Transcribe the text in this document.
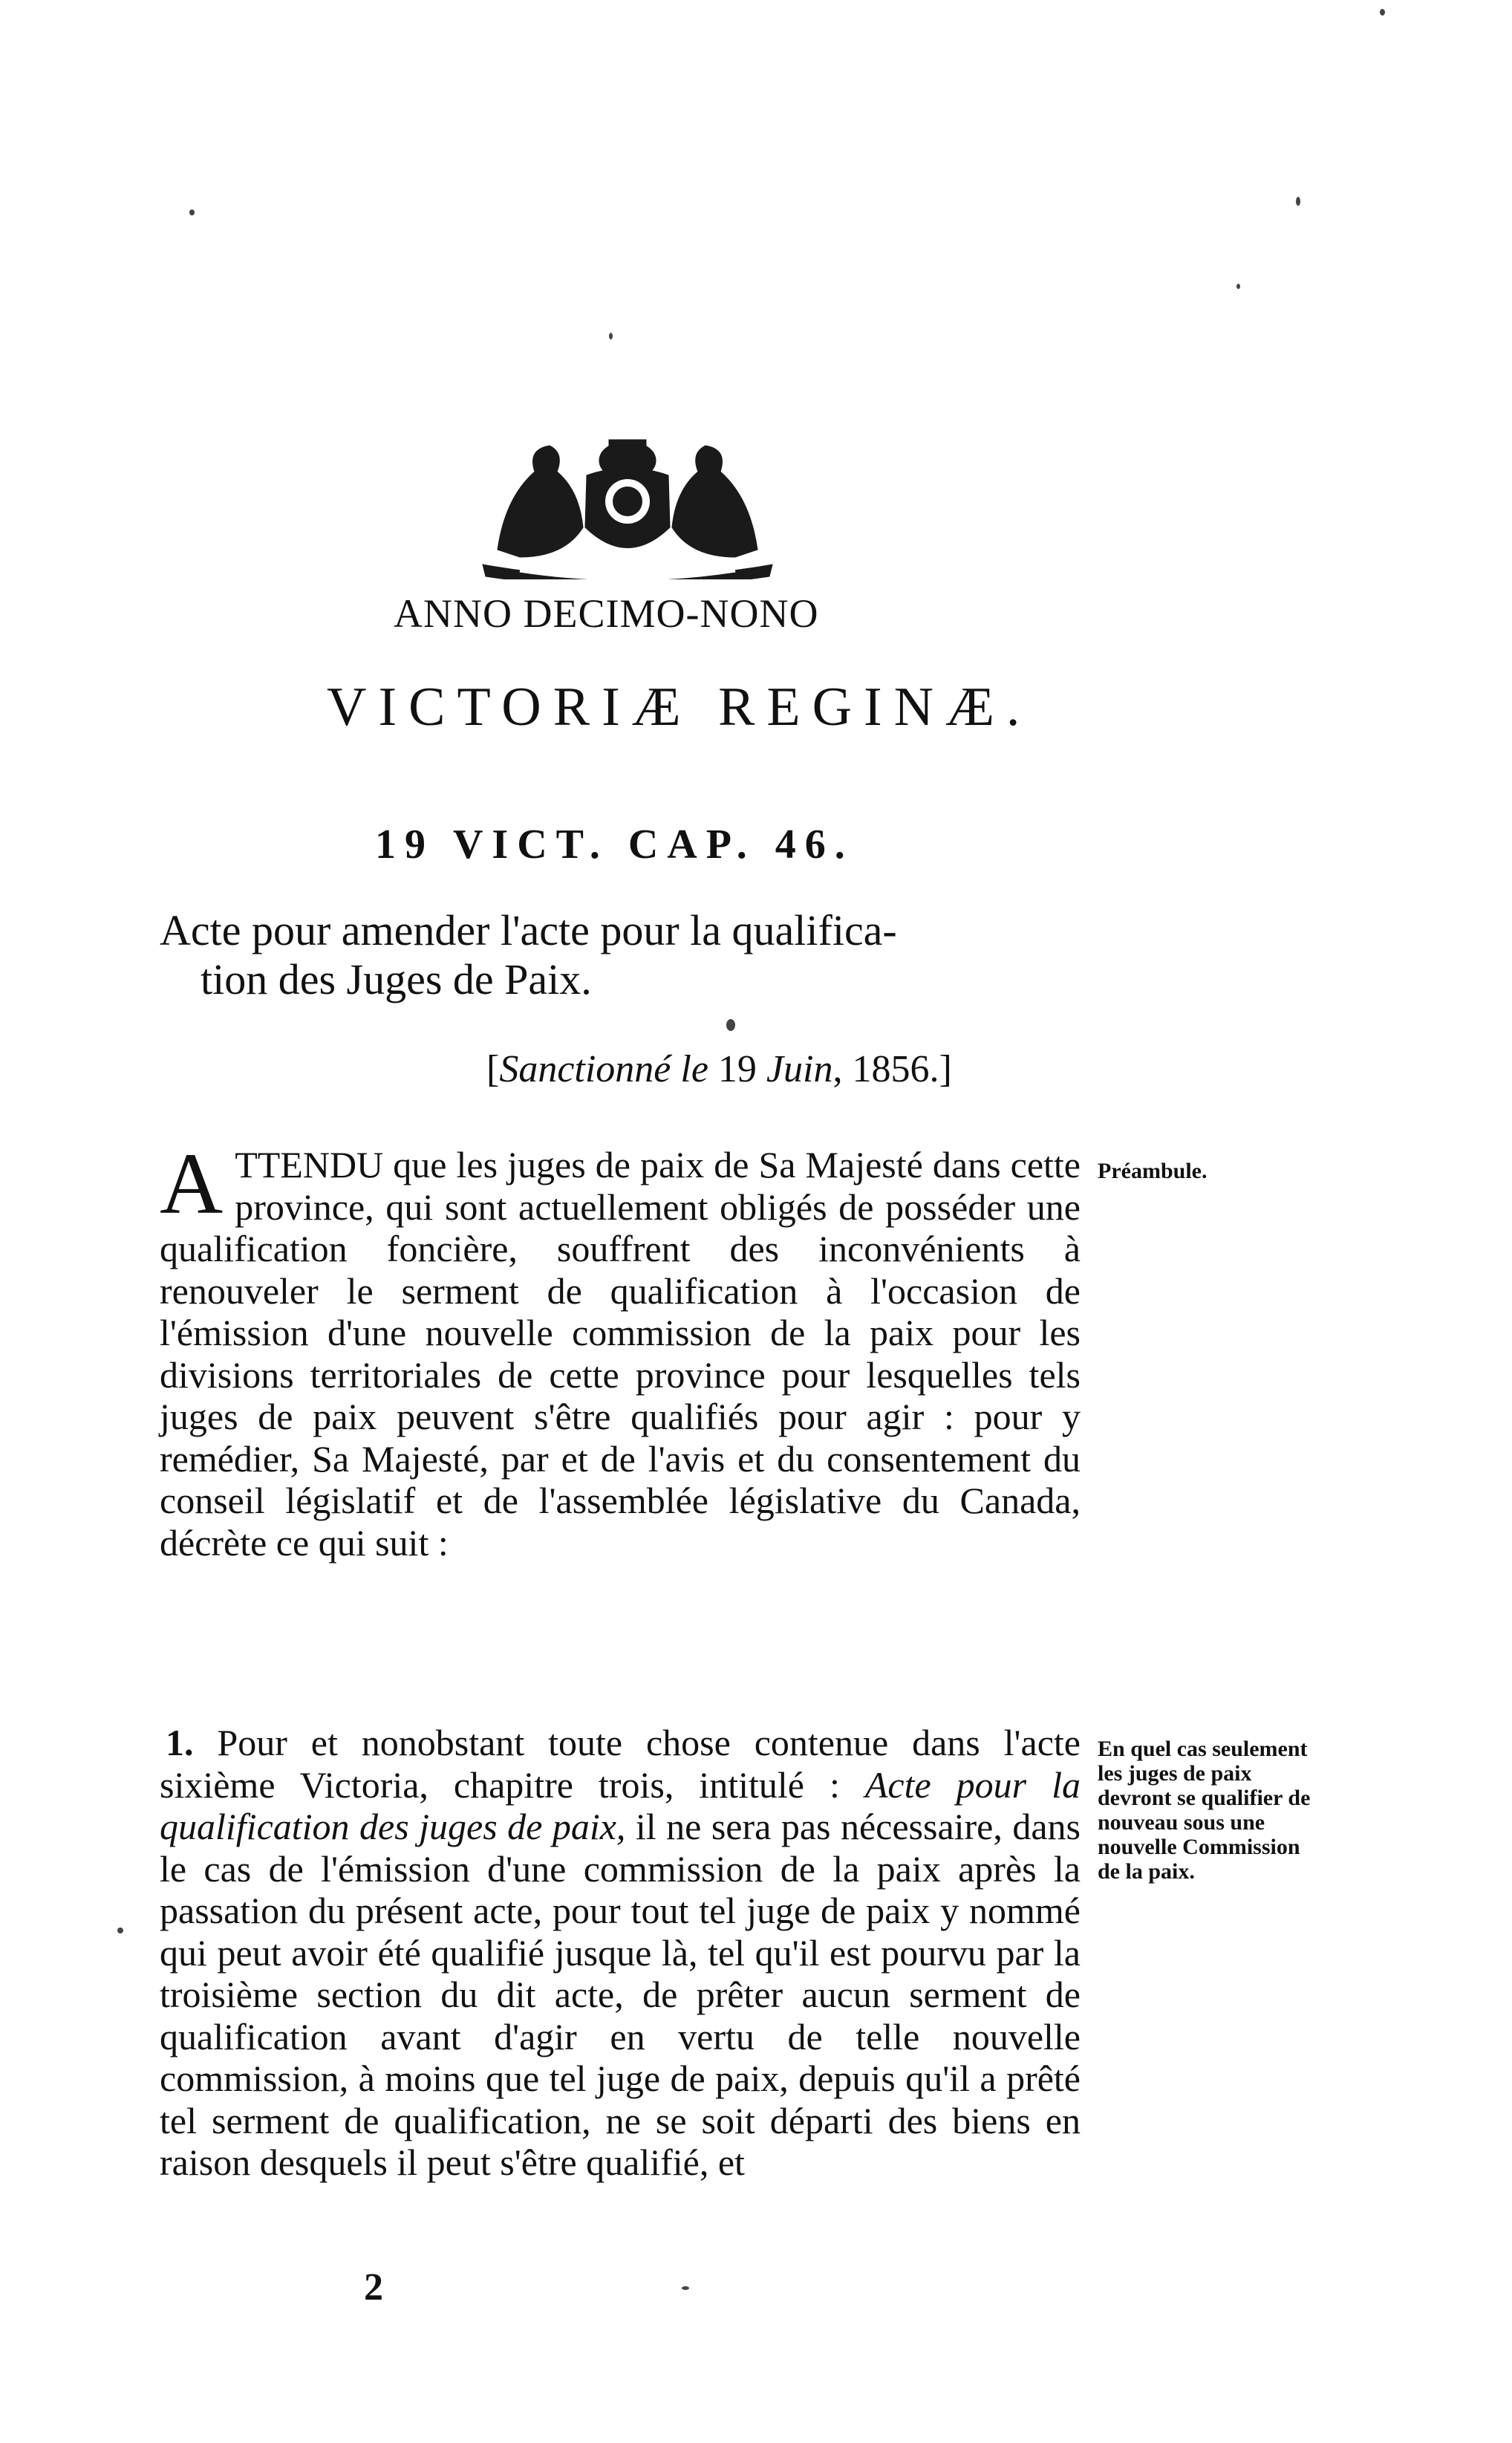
ANNO DECIMO-NONO
VICTORIÆ REGINÆ.
19 VICT. CAP. 46.
Acte pour amender l'acte pour la qualifica-
tion des Juges de Paix.
[Sanctionné le 19 Juin, 1856.]
ATTENDU que les juges de paix de Sa Majesté dans cette province, qui sont actuellement obligés de posséder une qualification foncière, souffrent des inconvénients à renouveler le serment de qualification à l'occasion de l'émission d'une nouvelle commission de la paix pour les divisions territoriales de cette province pour lesquelles tels juges de paix peuvent s'être qualifiés pour agir : pour y remédier, Sa Majesté, par et de l'avis et du consentement du conseil législatif et de l'assemblée législative du Canada, décrète ce qui suit :
Préambule.
1. Pour et nonobstant toute chose contenue dans l'acte sixième Victoria, chapitre trois, intitulé : Acte pour la qualification des juges de paix, il ne sera pas nécessaire, dans le cas de l'émission d'une commission de la paix après la passation du présent acte, pour tout tel juge de paix y nommé qui peut avoir été qualifié jusque là, tel qu'il est pourvu par la troisième section du dit acte, de prêter aucun serment de qualification avant d'agir en vertu de telle nouvelle commission, à moins que tel juge de paix, depuis qu'il a prêté tel serment de qualification, ne se soit départi des biens en raison desquels il peut s'être qualifié, et
En quel cas seulement les juges de paix devront se qualifier de nouveau sous une nouvelle Commission de la paix.
2
